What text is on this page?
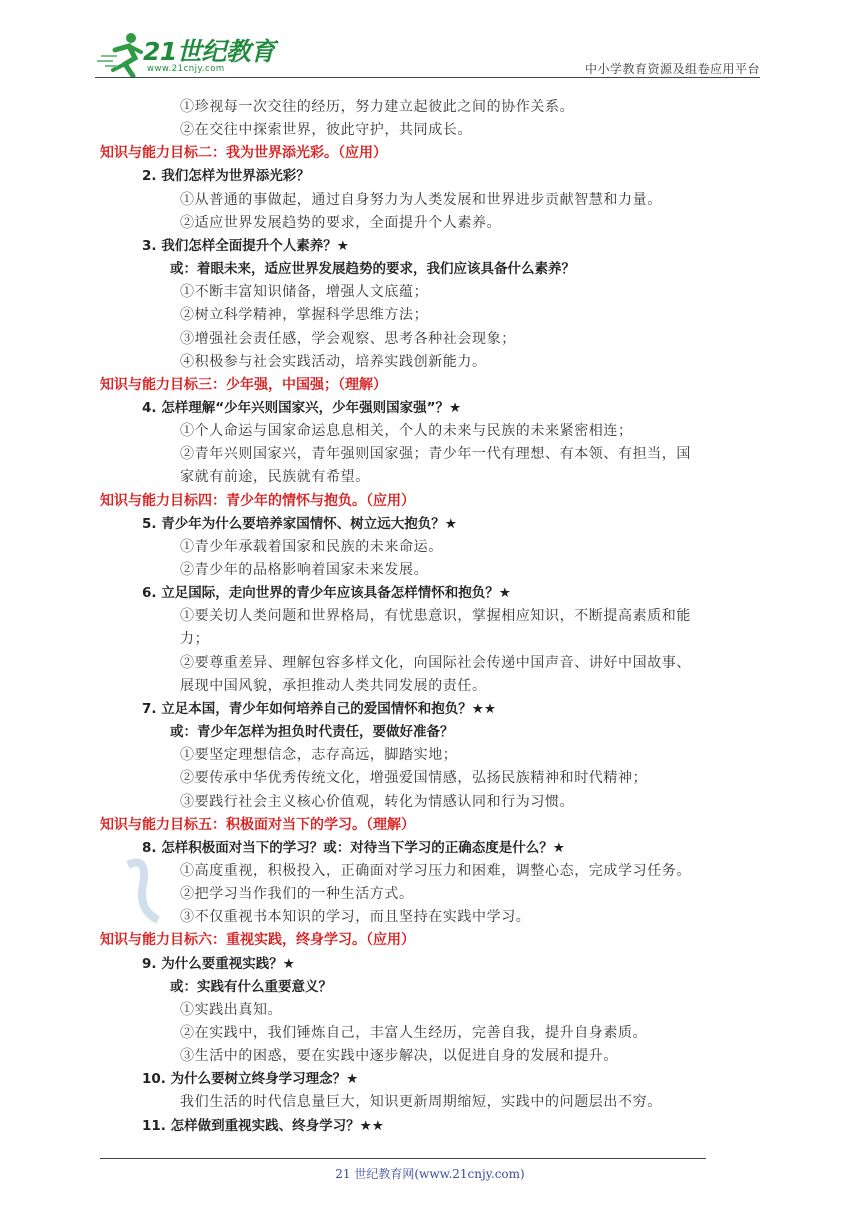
21世纪教育
www.21cnjy.com	中小学教育资源及组卷应用平台
①珍视每一次交往的经历，努力建立起彼此之间的协作关系。
②在交往中探索世界，彼此守护，共同成长。
知识与能力目标二：我为世界添光彩。（应用）
2. 我们怎样为世界添光彩？
①从普通的事做起，通过自身努力为人类发展和世界进步贡献智慧和力量。
②适应世界发展趋势的要求，全面提升个人素养。
3. 我们怎样全面提升个人素养？★
或：着眼未来，适应世界发展趋势的要求，我们应该具备什么素养？
①不断丰富知识储备，增强人文底蕴；
②树立科学精神，掌握科学思维方法；
③增强社会责任感，学会观察、思考各种社会现象；
④积极参与社会实践活动，培养实践创新能力。
知识与能力目标三：少年强，中国强；（理解）
4. 怎样理解“少年兴则国家兴，少年强则国家强”？★
①个人命运与国家命运息息相关，个人的未来与民族的未来紧密相连；
②青年兴则国家兴，青年强则国家强；青少年一代有理想、有本领、有担当，国
家就有前途，民族就有希望。
知识与能力目标四：青少年的情怀与抱负。（应用）
5. 青少年为什么要培养家国情怀、树立远大抱负？★
①青少年承载着国家和民族的未来命运。
②青少年的品格影响着国家未来发展。
6. 立足国际，走向世界的青少年应该具备怎样情怀和抱负？★
①要关切人类问题和世界格局，有忧患意识，掌握相应知识，不断提高素质和能
力；
②要尊重差异、理解包容多样文化，向国际社会传递中国声音、讲好中国故事、
展现中国风貌，承担推动人类共同发展的责任。
7. 立足本国，青少年如何培养自己的爱国情怀和抱负？★★
或：青少年怎样为担负时代责任，要做好准备？
①要坚定理想信念，志存高远，脚踏实地；
②要传承中华优秀传统文化，增强爱国情感，弘扬民族精神和时代精神；
③要践行社会主义核心价值观，转化为情感认同和行为习惯。
知识与能力目标五：积极面对当下的学习。（理解）
8. 怎样积极面对当下的学习？或：对待当下学习的正确态度是什么？★
①高度重视，积极投入，正确面对学习压力和困难，调整心态，完成学习任务。
②把学习当作我们的一种生活方式。
③不仅重视书本知识的学习，而且坚持在实践中学习。
知识与能力目标六：重视实践，终身学习。（应用）
9. 为什么要重视实践？★
或：实践有什么重要意义？
①实践出真知。
②在实践中，我们锤炼自己，丰富人生经历，完善自我，提升自身素质。
③生活中的困惑，要在实践中逐步解决，以促进自身的发展和提升。
10. 为什么要树立终身学习理念？★
我们生活的时代信息量巨大，知识更新周期缩短，实践中的问题层出不穷。
11. 怎样做到重视实践、终身学习？★★
21 世纪教育网(www.21cnjy.com)
